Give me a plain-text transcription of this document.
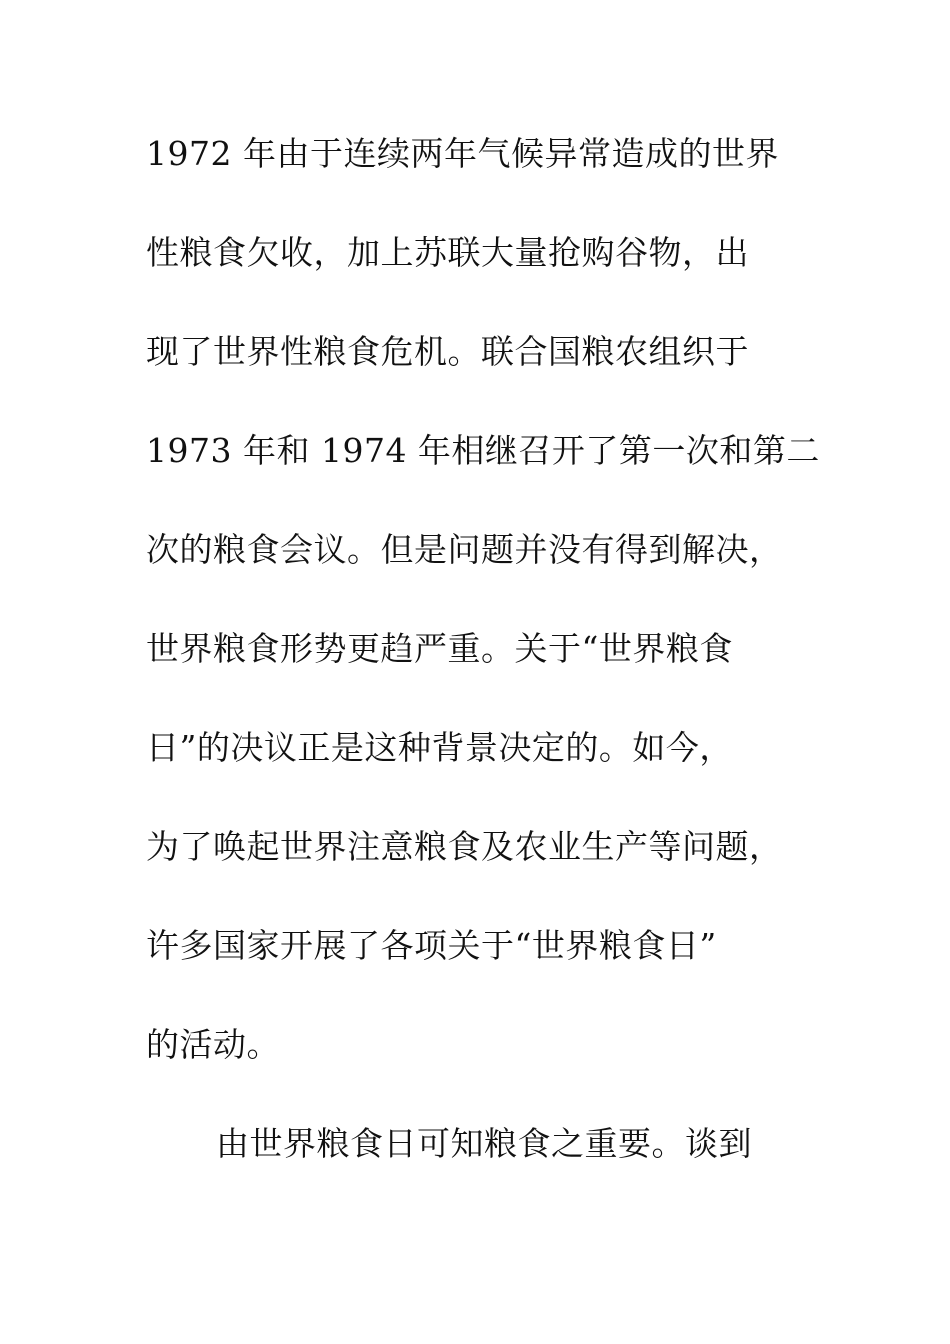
1972 年由于连续两年气候异常造成的世界
性粮食欠收，加上苏联大量抢购谷物，出
现了世界性粮食危机。联合国粮农组织于
1973 年和 1974 年相继召开了第一次和第二
次的粮食会议。但是问题并没有得到解决，
世界粮食形势更趋严重。关于“世界粮食
日”的决议正是这种背景决定的。如今，
为了唤起世界注意粮食及农业生产等问题，
许多国家开展了各项关于“世界粮食日”
的活动。
由世界粮食日可知粮食之重要。谈到
